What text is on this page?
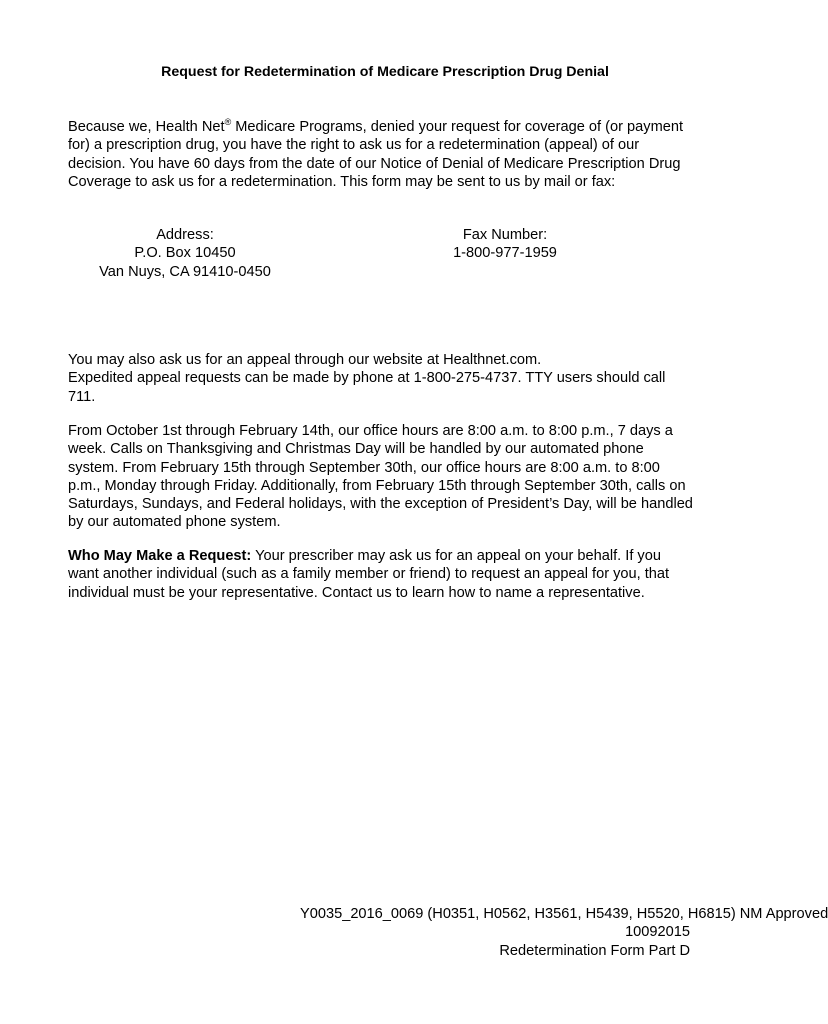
Request for Redetermination of Medicare Prescription Drug Denial

Because we, Health Net® Medicare Programs, denied your request for coverage of (or payment for) a prescription drug, you have the right to ask us for a redetermination (appeal) of our decision. You have 60 days from the date of our Notice of Denial of Medicare Prescription Drug Coverage to ask us for a redetermination. This form may be sent to us by mail or fax:

Address:
P.O. Box 10450
Van Nuys, CA 91410-0450
Fax Number:
1-800-977-1959
You may also ask us for an appeal through our website at Healthnet.com.
Expedited appeal requests can be made by phone at 1-800-275-4737. TTY users should call 711.

From October 1st through February 14th, our office hours are 8:00 a.m. to 8:00 p.m., 7 days a week. Calls on Thanksgiving and Christmas Day will be handled by our automated phone system. From February 15th through September 30th, our office hours are 8:00 a.m. to 8:00 p.m., Monday through Friday. Additionally, from February 15th through September 30th, calls on Saturdays, Sundays, and Federal holidays, with the exception of President’s Day, will be handled by our automated phone system.

Who May Make a Request: Your prescriber may ask us for an appeal on your behalf. If you want another individual (such as a family member or friend) to request an appeal for you, that individual must be your representative. Contact us to learn how to name a representative.

Y0035_2016_0069 (H0351, H0562, H3561, H5439, H5520, H6815) NM Approved
10092015
Redetermination Form Part D
